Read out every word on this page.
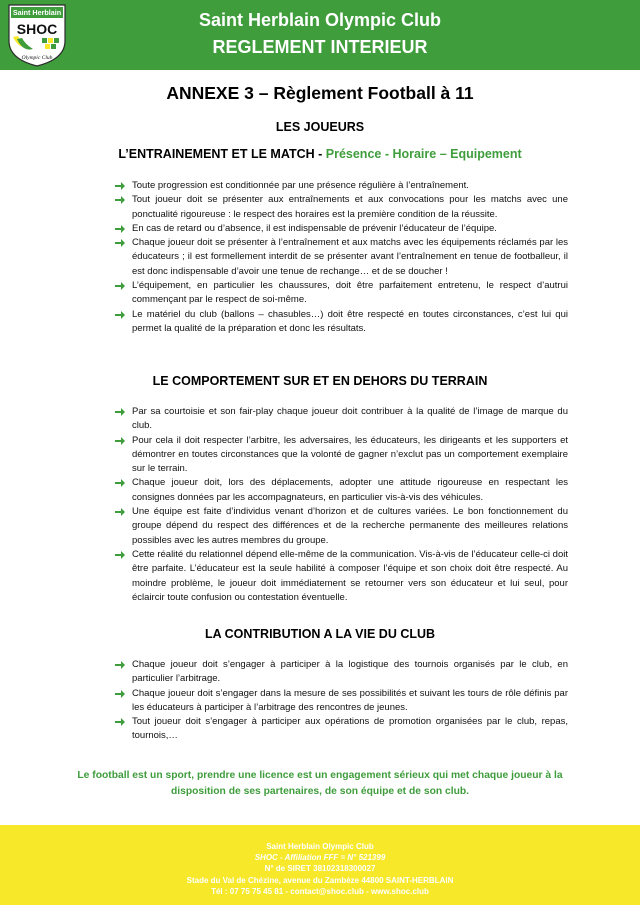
Saint Herblain
SHOC
Olympic Club
Saint Herblain Olympic Club
REGLEMENT INTERIEUR
ANNEXE 3 – Règlement Football à 11
LES JOUEURS
L’ENTRAINEMENT ET LE MATCH - Présence - Horaire – Equipement
Toute progression est conditionnée par une présence régulière à l’entraînement.
Tout joueur doit se présenter aux entraînements et aux convocations pour les matchs avec une ponctualité rigoureuse : le respect des horaires est la première condition de la réussite.
En cas de retard ou d’absence, il est indispensable de prévenir l’éducateur de l’équipe.
Chaque joueur doit se présenter à l’entraînement et aux matchs avec les équipements réclamés par les éducateurs ; il est formellement interdit de se présenter avant l’entraînement en tenue de footballeur, il est donc indispensable d’avoir une tenue de rechange… et de se doucher !
L’équipement, en particulier les chaussures, doit être parfaitement entretenu, le respect d’autrui commençant par le respect de soi-même.
Le matériel du club (ballons – chasubles…) doit être respecté en toutes circonstances, c’est lui qui permet la qualité de la préparation et donc les résultats.
LE COMPORTEMENT SUR ET EN DEHORS DU TERRAIN
Par sa courtoisie et son fair-play chaque joueur doit contribuer à la qualité de l’image de marque du club.
Pour cela il doit respecter l’arbitre, les adversaires, les éducateurs, les dirigeants et les supporters et démontrer en toutes circonstances que la volonté de gagner n’exclut pas un comportement exemplaire sur le terrain.
Chaque joueur doit, lors des déplacements, adopter une attitude rigoureuse en respectant les consignes données par les accompagnateurs, en particulier vis-à-vis des véhicules.
Une équipe est faite d’individus venant d’horizon et de cultures variées. Le bon fonctionnement du groupe dépend du respect des différences et de la recherche permanente des meilleures relations possibles avec les autres membres du groupe.
Cette réalité du relationnel dépend elle-même de la communication. Vis-à-vis de l’éducateur celle-ci doit être parfaite. L’éducateur est la seule habilité à composer l’équipe et son choix doit être respecté. Au moindre problème, le joueur doit immédiatement se retourner vers son éducateur et lui seul, pour éclaircir toute confusion ou contestation éventuelle.
LA CONTRIBUTION A LA VIE DU CLUB
Chaque joueur doit s’engager à participer à la logistique des tournois organisés par le club, en particulier l’arbitrage.
Chaque joueur doit s’engager dans la mesure de ses possibilités et suivant les tours de rôle définis par les éducateurs à participer à l’arbitrage des rencontres de jeunes.
Tout joueur doit s’engager à participer aux opérations de promotion organisées par le club, repas, tournois,…
Le football est un sport, prendre une licence est un engagement sérieux qui met chaque joueur à la
disposition de ses partenaires, de son équipe et de son club.
Saint Herblain Olympic Club
SHOC - Affiliation FFF = N° 521399
N° de SIRET 38102318300027
Stade du Val de Chézine, avenue du Zambèze 44800 SAINT-HERBLAIN
Tél : 07 75 75 45 81 - contact@shoc.club - www.shoc.club
